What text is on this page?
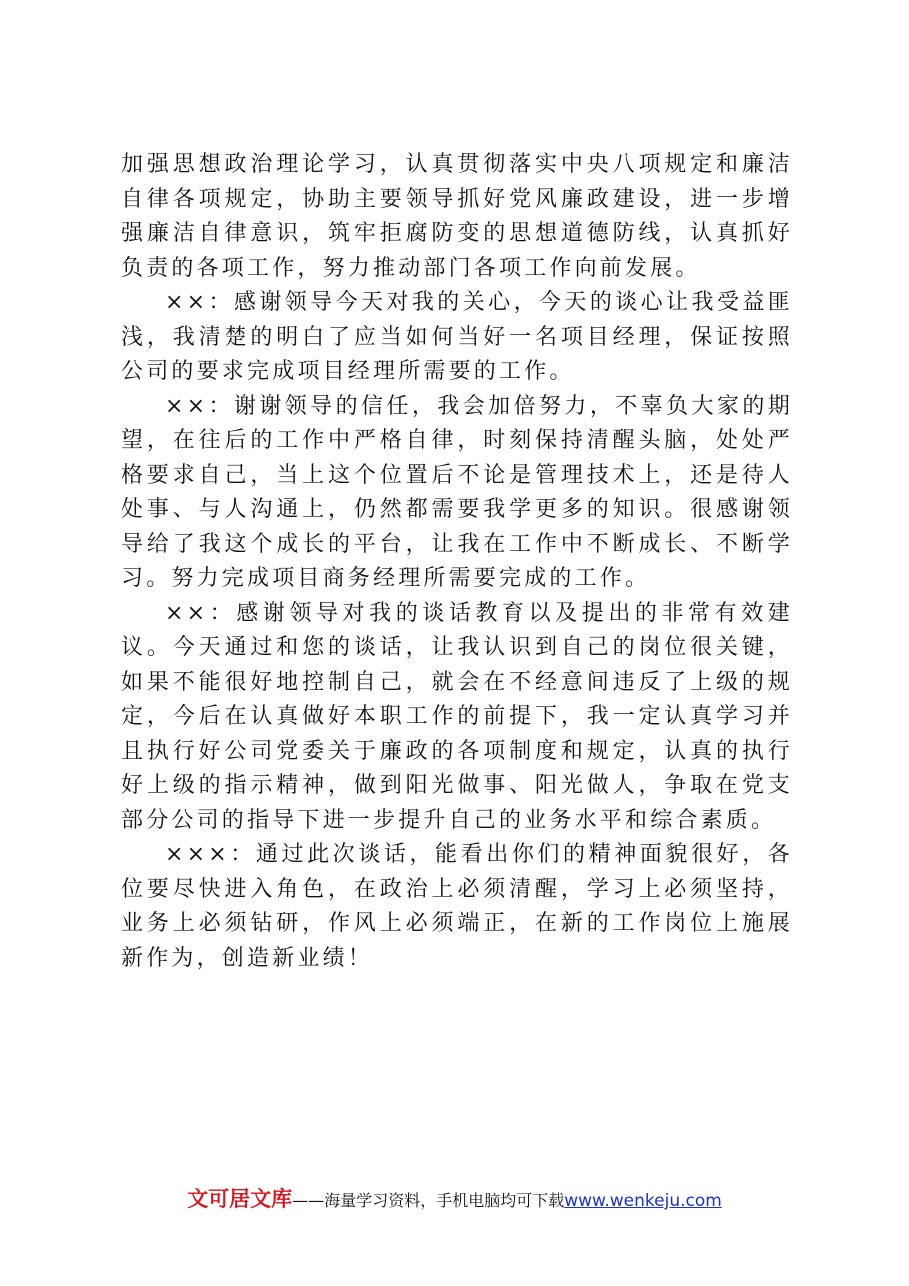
加强思想政治理论学习，认真贯彻落实中央八项规定和廉洁自律各项规定，协助主要领导抓好党风廉政建设，进一步增强廉洁自律意识，筑牢拒腐防变的思想道德防线，认真抓好负责的各项工作，努力推动部门各项工作向前发展。

××：感谢领导今天对我的关心，今天的谈心让我受益匪浅，我清楚的明白了应当如何当好一名项目经理，保证按照公司的要求完成项目经理所需要的工作。

××：谢谢领导的信任，我会加倍努力，不辜负大家的期望，在往后的工作中严格自律，时刻保持清醒头脑，处处严格要求自己，当上这个位置后不论是管理技术上，还是待人处事、与人沟通上，仍然都需要我学更多的知识。很感谢领导给了我这个成长的平台，让我在工作中不断成长、不断学习。努力完成项目商务经理所需要完成的工作。

××：感谢领导对我的谈话教育以及提出的非常有效建议。今天通过和您的谈话，让我认识到自己的岗位很关键，如果不能很好地控制自己，就会在不经意间违反了上级的规定，今后在认真做好本职工作的前提下，我一定认真学习并且执行好公司党委关于廉政的各项制度和规定，认真的执行好上级的指示精神，做到阳光做事、阳光做人，争取在党支部分公司的指导下进一步提升自己的业务水平和综合素质。

×××：通过此次谈话，能看出你们的精神面貌很好，各位要尽快进入角色，在政治上必须清醒，学习上必须坚持，业务上必须钻研，作风上必须端正，在新的工作岗位上施展新作为，创造新业绩！

文可居文库——海量学习资料，手机电脑均可下载www.wenkeju.com
